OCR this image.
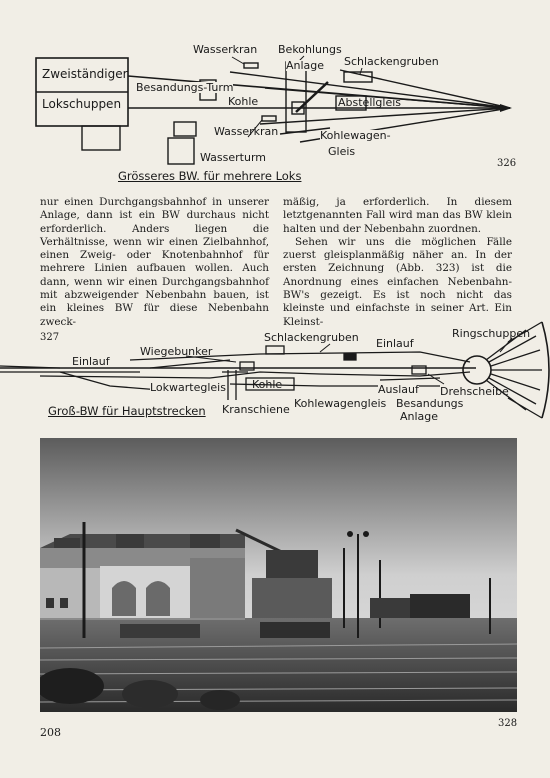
Wasserkran Bekohlungs
Anlage Schlackengruben
Zweiständiger
Lokschuppen
Besandungs-Turm
Kohle	Abstellgleis
Wasserkran	Kohlewagen-
Gleis
Wasserturm
Grösseres BW. für mehrere Loks
326

nur einen Durchgangsbahnhof in unserer Anlage, dann ist ein BW durchaus nicht erforderlich. Anders liegen die Verhältnisse, wenn wir einen Zielbahnhof, einen Zweig- oder Knotenbahnhof für mehrere Linien aufbauen wollen. Auch dann, wenn wir einen Durchgangsbahnhof mit abzweigender Nebenbahn bauen, ist ein kleines BW für diese Nebenbahn zweck-

mäßig, ja erforderlich. In diesem letztgenannten Fall wird man das BW klein halten und der Nebenbahn zuordnen.

Sehen wir uns die möglichen Fälle zuerst gleisplanmäßig näher an. In der ersten Zeichnung (Abb. 323) ist die Anordnung eines einfachen Nebenbahn-BW's gezeigt. Es ist noch nicht das kleinste und einfachste in seiner Art. Ein Kleinst-

327	Schlackengruben
Wiegebunker
Einlauf
Einlauf
Ringschuppen
Kohle
Lokwartegleis	Auslauf Drehscheibe
Kohlewagengleis Besandungs
Anlage
Kranschiene
Groß-BW für Hauptstrecken
328
208
